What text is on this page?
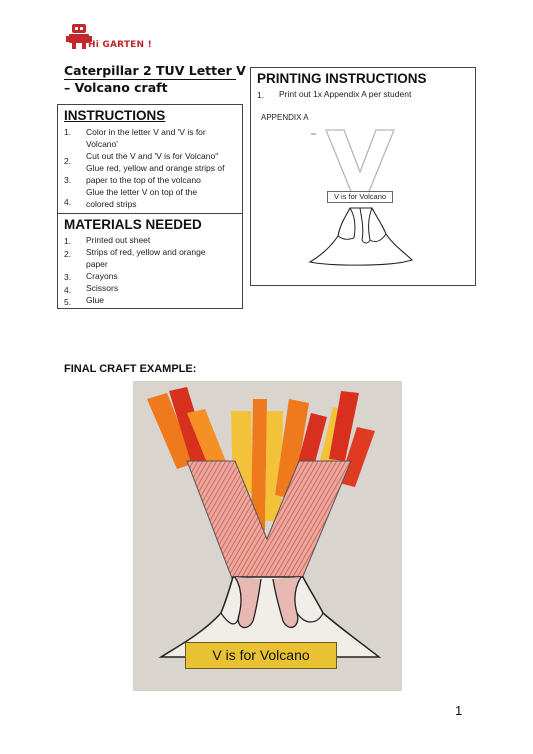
Hi GARTEN !
Caterpillar 2 TUV Letter V – Volcano craft
INSTRUCTIONS
1. Color in the letter V and 'V is for Volcano'
2. Cut out the V and 'V is for Volcano"
3.
Glue red, yellow and orange strips of paper to the top of the volcano
4.
Glue the letter V on top of the colored strips
MATERIALS NEEDED
1. Printed out sheet
2. Strips of red, yellow and orange paper
3. Crayons
4. Scissors
5. Glue
PRINTING INSTRUCTIONS
1. Print out 1x Appendix A per student
APPENDIX A
V is for Volcano
FINAL CRAFT EXAMPLE:
V is for Volcano
1
